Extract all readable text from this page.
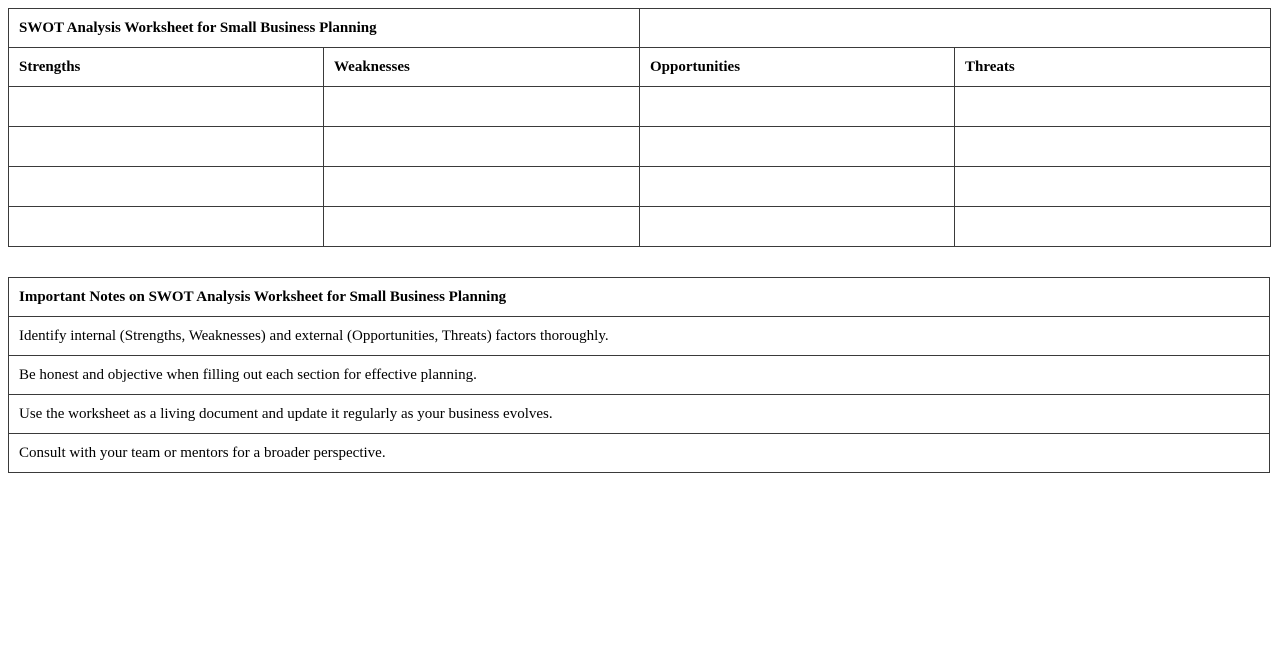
SWOT Analysis Worksheet for Small Business Planning			
Strengths	Weaknesses	Opportunities	Threats

Important Notes on SWOT Analysis Worksheet for Small Business Planning
Identify internal (Strengths, Weaknesses) and external (Opportunities, Threats) factors thoroughly.
Be honest and objective when filling out each section for effective planning.
Use the worksheet as a living document and update it regularly as your business evolves.
Consult with your team or mentors for a broader perspective.
